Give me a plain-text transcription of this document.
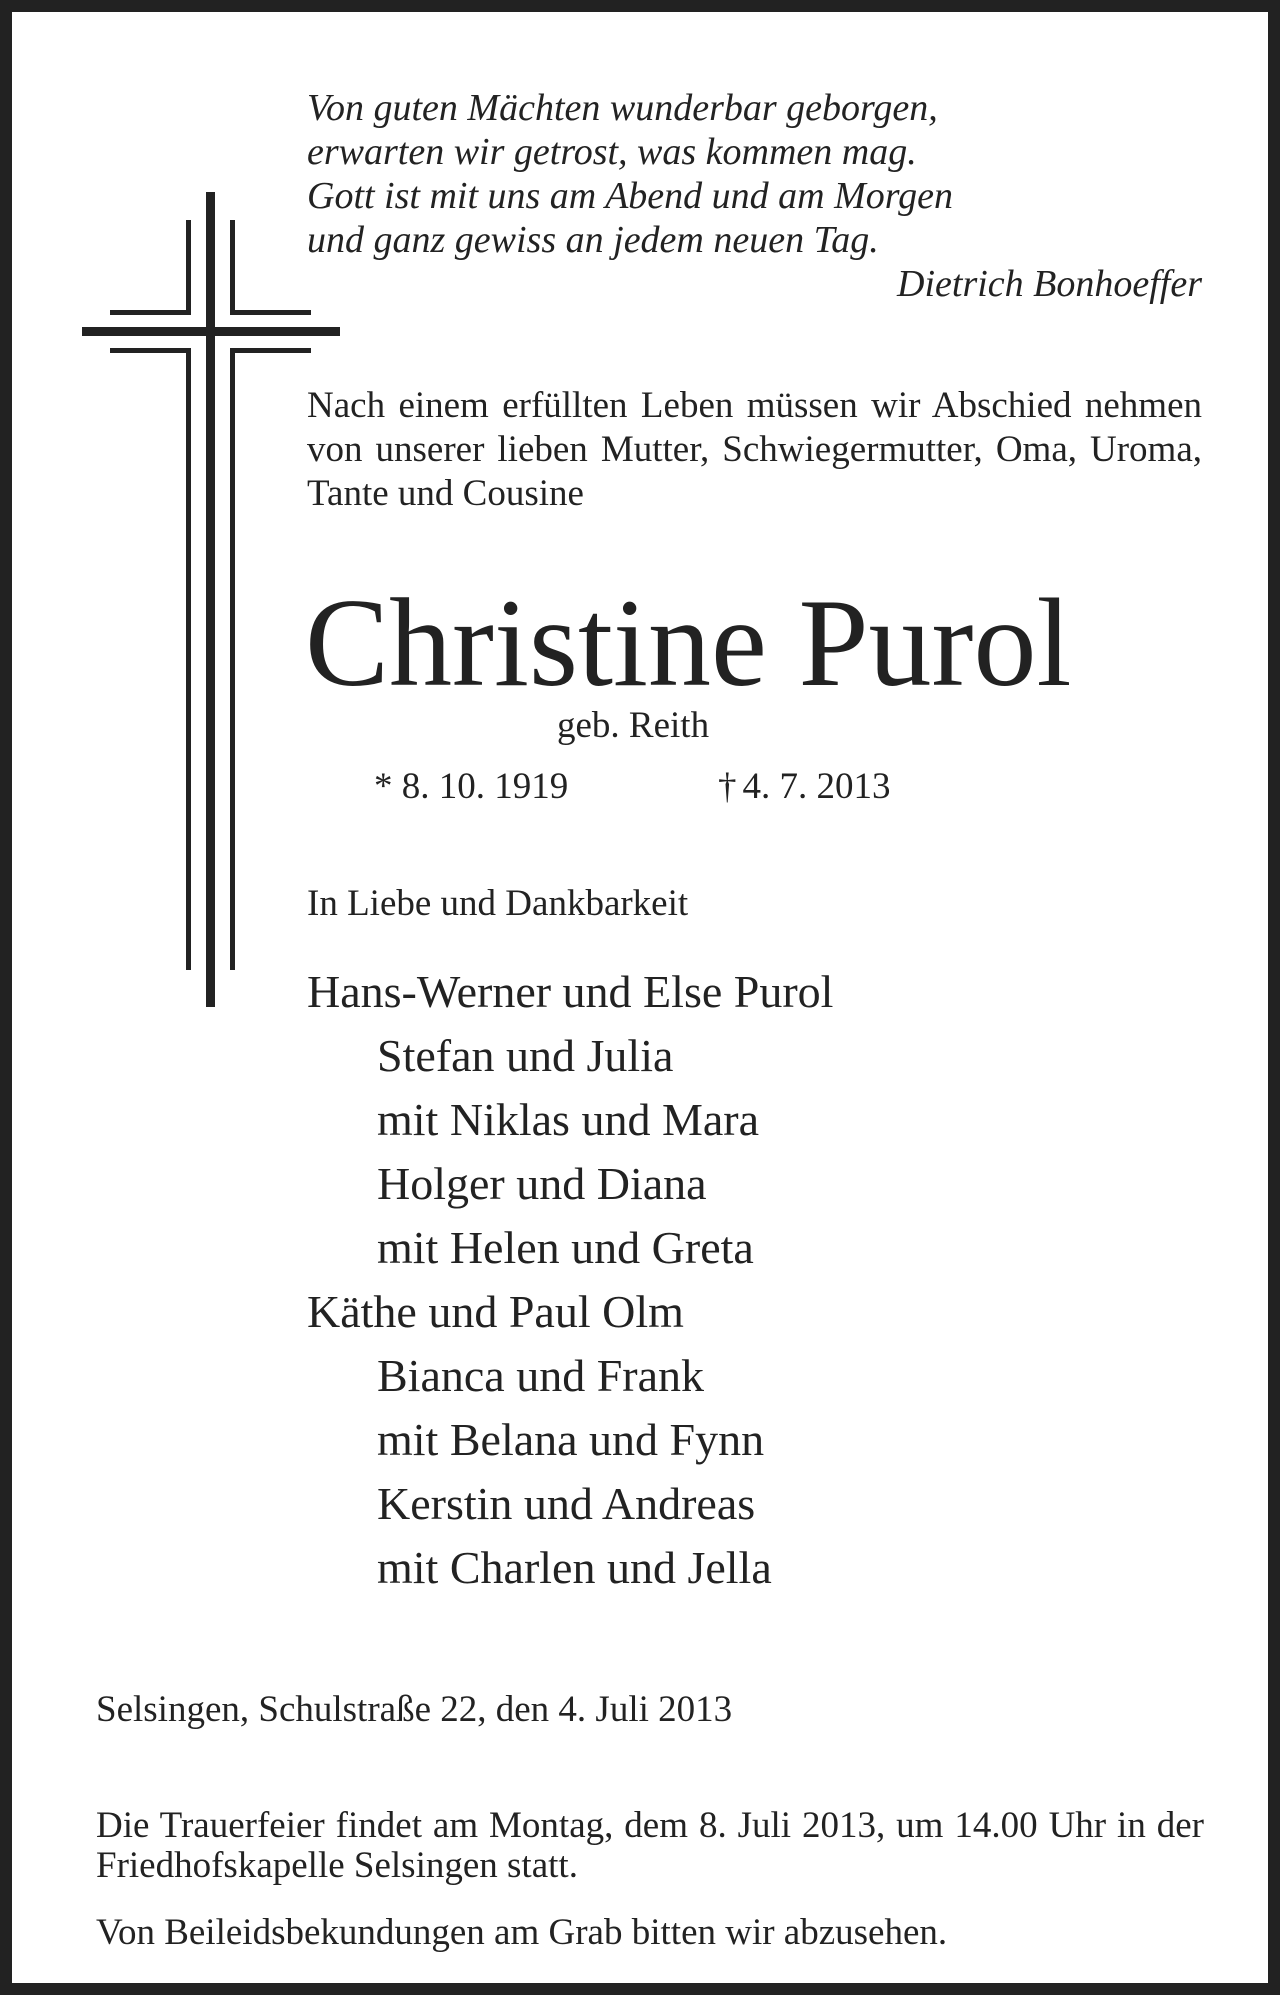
Von guten Mächten wunderbar geborgen,
erwarten wir getrost, was kommen mag.
Gott ist mit uns am Abend und am Morgen
und ganz gewiss an jedem neuen Tag.
Dietrich Bonhoeffer
Nach einem erfüllten Leben müssen wir Abschied nehmen von unserer lieben Mutter, Schwiegermutter, Oma, Uroma, Tante und Cousine
Christine Purol
geb. Reith
* 8. 10. 1919	† 4. 7. 2013
In Liebe und Dankbarkeit
Hans-Werner und Else Purol
Stefan und Julia
mit Niklas und Mara
Holger und Diana
mit Helen und Greta
Käthe und Paul Olm
Bianca und Frank
mit Belana und Fynn
Kerstin und Andreas
mit Charlen und Jella
Selsingen, Schulstraße 22, den 4. Juli 2013
Die Trauerfeier findet am Montag, dem 8. Juli 2013, um 14.00 Uhr in der Friedhofskapelle Selsingen statt.
Von Beileidsbekundungen am Grab bitten wir abzusehen.
